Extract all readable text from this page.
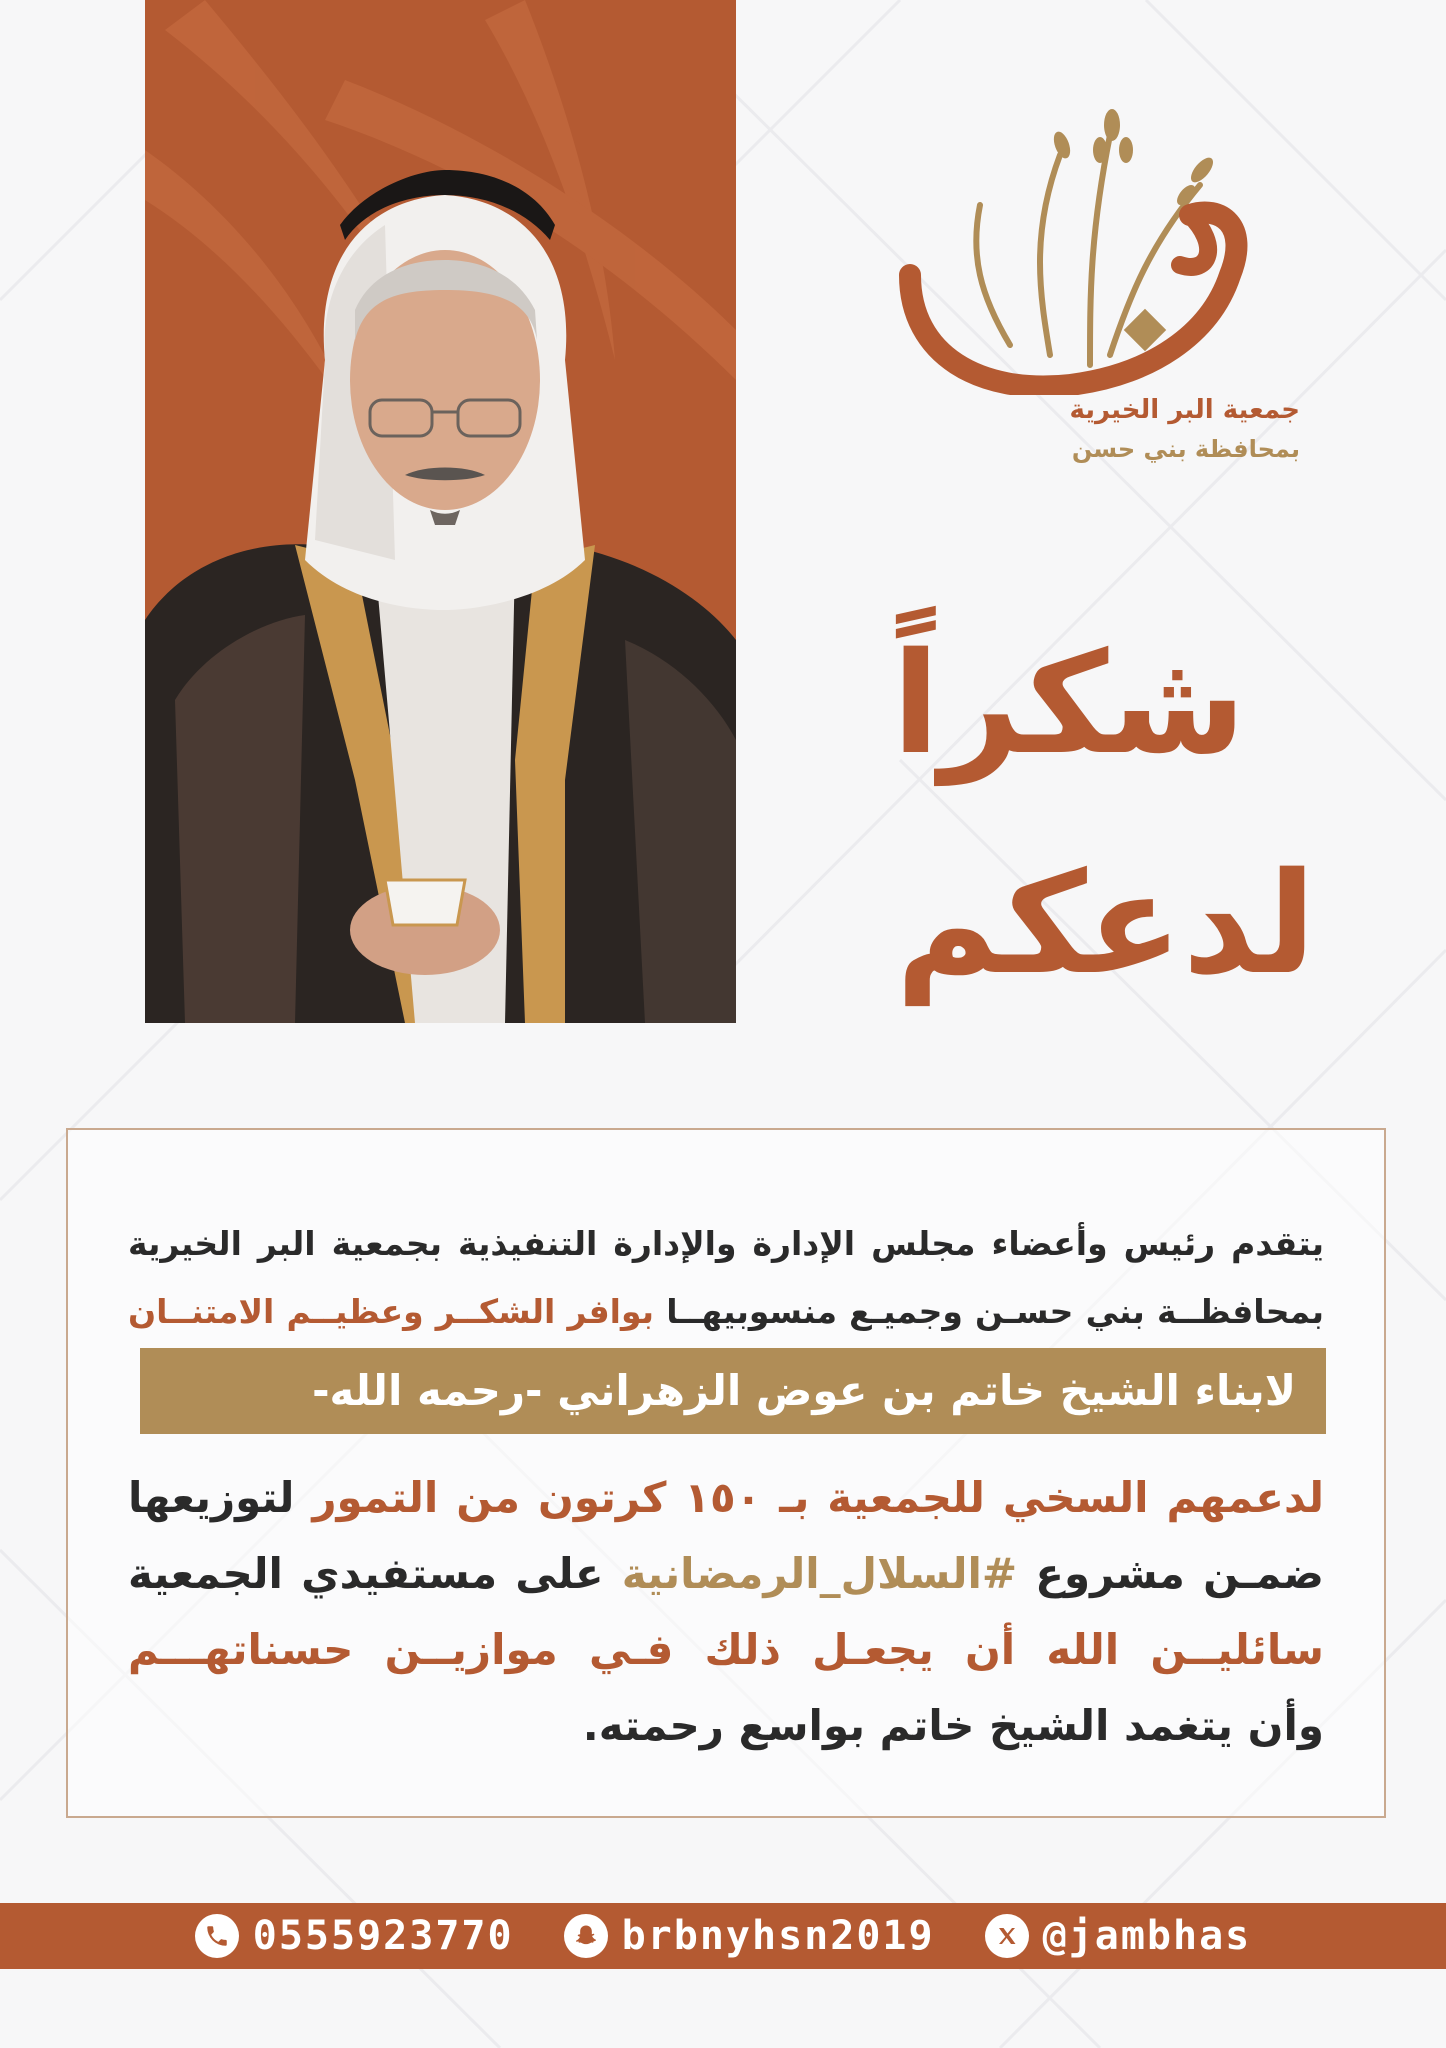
جمعية البر الخيرية
بمحافظة بني حسن
شكراً
لدعكم
يتقدم رئيس وأعضاء مجلس الإدارة والإدارة التنفيذية بجمعية البر الخيرية
بمحافظــة بني حسـن وجميـع منسوبيهــا بوافر الشكــر وعظيــم الامتنــان
لابناء الشيخ خاتم بن عوض الزهراني -رحمه الله-
لدعمهم السخي للجمعية بـ ١٥٠ كرتون من التمور لتوزيعها
ضمـن مشروع #السلال_الرمضانية على مستفيدي الجمعية
سائليــن الله أن يجعـل ذلك فـي موازيــن حسناتهـــم
وأن يتغمد الشيخ خاتم بواسع رحمته.
0555923770	brbnyhsn2019	@jambhas
